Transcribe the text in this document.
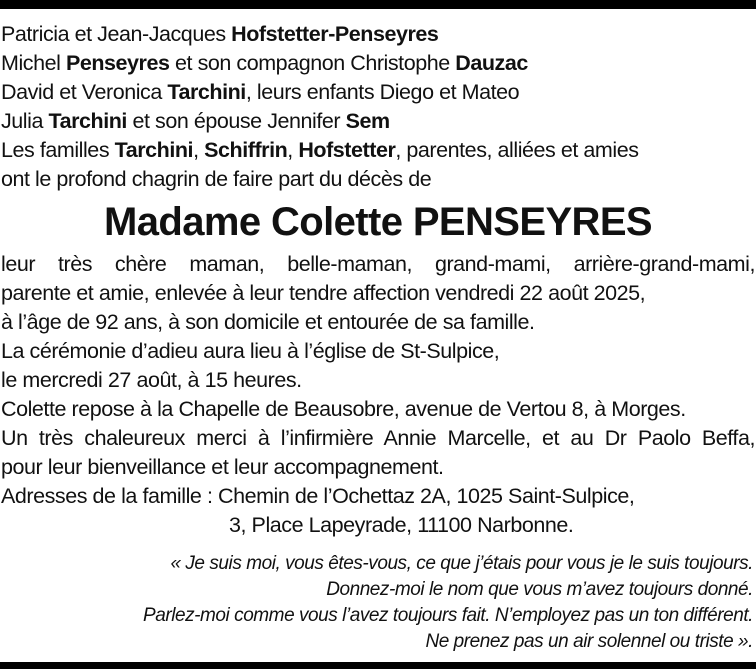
Patricia et Jean-Jacques Hofstetter-Penseyres
Michel Penseyres et son compagnon Christophe Dauzac
David et Veronica Tarchini, leurs enfants Diego et Mateo
Julia Tarchini et son épouse Jennifer Sem
Les familles Tarchini, Schiffrin, Hofstetter, parentes, alliées et amies
ont le profond chagrin de faire part du décès de
Madame Colette PENSEYRES
leur très chère maman, belle-maman, grand-mami, arrière-grand-mami,
parente et amie, enlevée à leur tendre affection vendredi 22 août 2025,
à l’âge de 92 ans, à son domicile et entourée de sa famille.
La cérémonie d’adieu aura lieu à l’église de St-Sulpice,
le mercredi 27 août, à 15 heures.
Colette repose à la Chapelle de Beausobre, avenue de Vertou 8, à Morges.
Un très chaleureux merci à l’infirmière Annie Marcelle, et au Dr Paolo Beffa,
pour leur bienveillance et leur accompagnement.
Adresses de la famille : Chemin de l’Ochettaz 2A, 1025 Saint-Sulpice,
3, Place Lapeyrade, 11100 Narbonne.
« Je suis moi, vous êtes-vous, ce que j’étais pour vous je le suis toujours.
Donnez-moi le nom que vous m’avez toujours donné.
Parlez-moi comme vous l’avez toujours fait. N’employez pas un ton différent.
Ne prenez pas un air solennel ou triste ».
